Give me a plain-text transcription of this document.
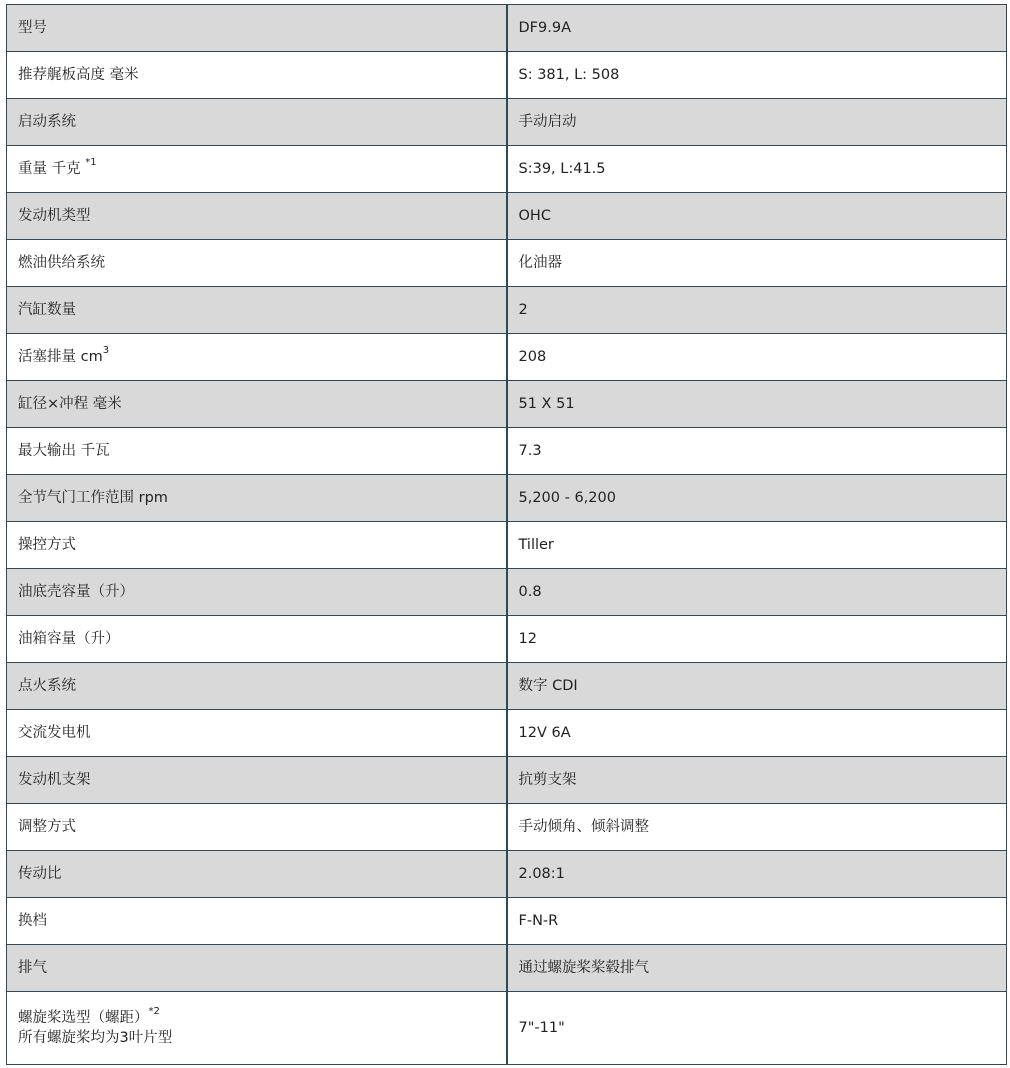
型号	DF9.9A
推荐艉板高度 毫米	S: 381, L: 508
启动系统	手动启动
重量 千克 $^{*1}$	S:39, L:41.5
发动机类型	OHC
燃油供给系统	化油器
汽缸数量	2
活塞排量 $cm^3$	208
缸径×冲程 毫米	51 X 51
最大输出 千瓦	7.3
全节气门工作范围 rpm	5,200 - 6,200
操控方式	Tiller
油底壳容量（升）	0.8
油箱容量（升）	12
点火系统	数字 CDI
交流发电机	12V 6A
发动机支架	抗剪支架
调整方式	手动倾角、倾斜调整
传动比	2.08:1
换档	F-N-R
排气	通过螺旋桨桨毂排气

螺旋桨选型（螺距）$^{*2}$
所有螺旋桨均为3叶片型	7"-11"
